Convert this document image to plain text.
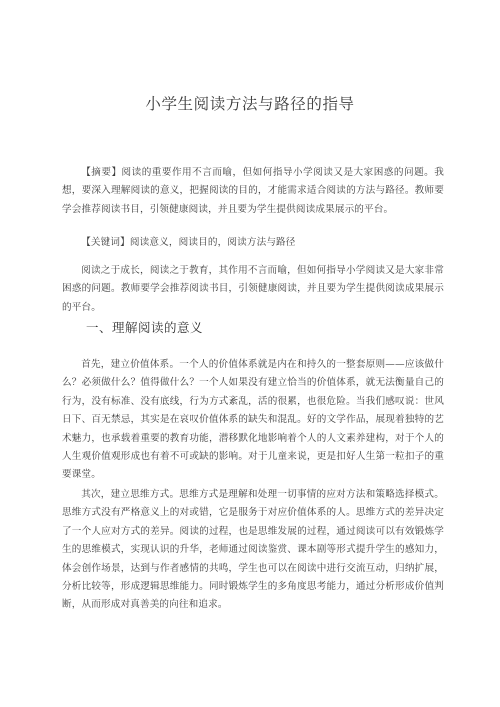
小学生阅读方法与路径的指导

【摘要】阅读的重要作用不言而喻，但如何指导小学阅读又是大家困惑的问题。我想，要深入理解阅读的意义，把握阅读的目的，才能需求适合阅读的方法与路径。教师要学会推荐阅读书目，引领健康阅读，并且要为学生提供阅读成果展示的平台。

【关键词】阅读意义，阅读目的，阅读方法与路径

阅读之于成长，阅读之于教育，其作用不言而喻，但如何指导小学阅读又是大家非常困惑的问题。教师要学会推荐阅读书目，引领健康阅读，并且要为学生提供阅读成果展示的平台。

一、理解阅读的意义

首先，建立价值体系。一个人的价值体系就是内在和持久的一整套原则——应该做什么？必须做什么？值得做什么？一个人如果没有建立恰当的价值体系，就无法衡量自己的行为，没有标准、没有底线，行为方式紊乱，活的很累，也很危险。当我们感叹说：世风日下、百无禁忌，其实是在哀叹价值体系的缺失和混乱。好的文学作品，展现着独特的艺术魅力，也承载着重要的教育功能，潜移默化地影响着个人的人文素养建构，对于个人的人生观价值观形成也有着不可或缺的影响。对于儿童来说，更是扣好人生第一粒扣子的重要课堂。

其次，建立思维方式。思维方式是理解和处理一切事情的应对方法和策略选择模式。思维方式没有严格意义上的对或错，它是服务于对应价值体系的人。思维方式的差异决定了一个人应对方式的差异。阅读的过程，也是思维发展的过程，通过阅读可以有效锻炼学生的思维模式，实现认识的升华，老师通过阅读鉴赏、课本剧等形式提升学生的感知力，体会创作场景，达到与作者感情的共鸣，学生也可以在阅读中进行交流互动，归纳扩展，分析比较等，形成逻辑思维能力。同时锻炼学生的多角度思考能力，通过分析形成价值判断，从而形成对真善美的向往和追求。
